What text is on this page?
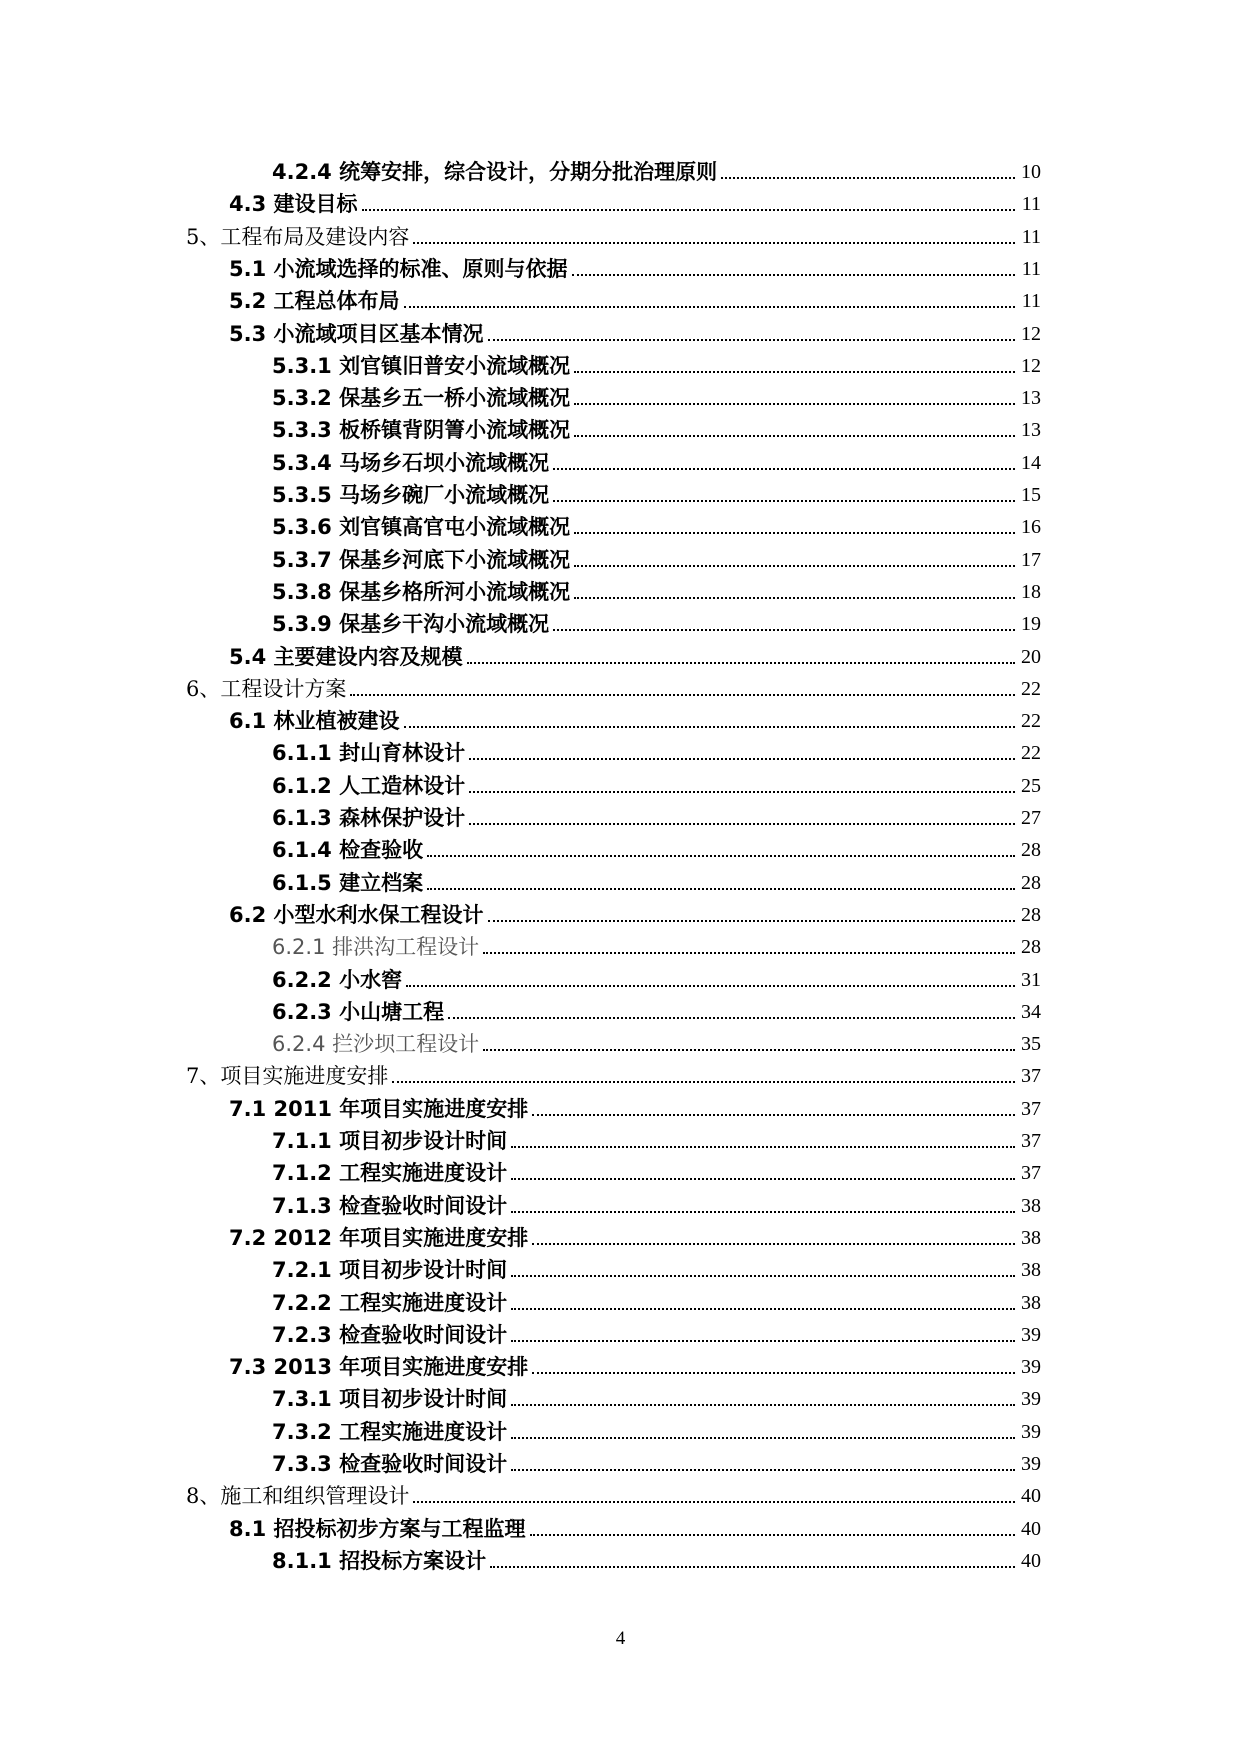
4.2.4 统筹安排，综合设计，分期分批治理原则	10
4.3 建设目标	11
5、工程布局及建设内容	11
5.1 小流域选择的标准、原则与依据	11
5.2 工程总体布局	11
5.3 小流域项目区基本情况	12
5.3.1 刘官镇旧普安小流域概况	12
5.3.2 保基乡五一桥小流域概况	13
5.3.3 板桥镇背阴箐小流域概况	13
5.3.4 马场乡石坝小流域概况	14
5.3.5 马场乡碗厂小流域概况	15
5.3.6 刘官镇高官屯小流域概况	16
5.3.7 保基乡河底下小流域概况	17
5.3.8 保基乡格所河小流域概况	18
5.3.9 保基乡干沟小流域概况	19
5.4 主要建设内容及规模	20
6、工程设计方案	22
6.1 林业植被建设	22
6.1.1 封山育林设计	22
6.1.2 人工造林设计	25
6.1.3 森林保护设计	27
6.1.4 检查验收	28
6.1.5 建立档案	28
6.2 小型水利水保工程设计	28
6.2.1 排洪沟工程设计	28
6.2.2 小水窖	31
6.2.3 小山塘工程	34
6.2.4 拦沙坝工程设计	35
7、项目实施进度安排	37
7.1 2011 年项目实施进度安排	37
7.1.1 项目初步设计时间	37
7.1.2 工程实施进度设计	37
7.1.3 检查验收时间设计	38
7.2 2012 年项目实施进度安排	38
7.2.1 项目初步设计时间	38
7.2.2 工程实施进度设计	38
7.2.3 检查验收时间设计	39
7.3 2013 年项目实施进度安排	39
7.3.1 项目初步设计时间	39
7.3.2 工程实施进度设计	39
7.3.3 检查验收时间设计	39
8、施工和组织管理设计	40
8.1 招投标初步方案与工程监理	40
8.1.1 招投标方案设计	40
4
